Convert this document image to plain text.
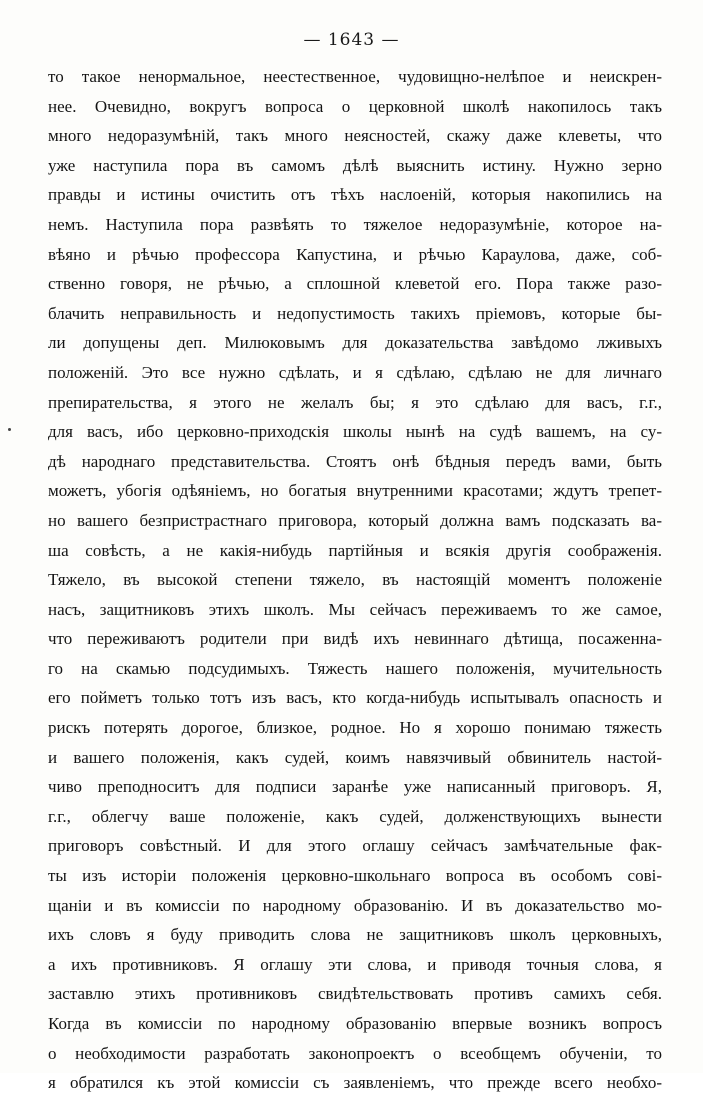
— 1643 —
то такое ненормальное, неестественное, чудовищно-нелѣпое и неискрен-
нее. Очевидно, вокругъ вопроса о церковной школѣ накопилось такъ
много недоразумѣній, такъ много неясностей, скажу даже клеветы, что
уже наступила пора въ самомъ дѣлѣ выяснить истину. Нужно зерно
правды и истины очистить отъ тѣхъ наслоеній, которыя накопились на
немъ. Наступила пора развѣять то тяжелое недоразумѣніе, которое на-
вѣяно и рѣчью профессора Капустина, и рѣчью Караулова, даже, соб-
ственно говоря, не рѣчью, а сплошной клеветой его. Пора также разо-
блачить неправильность и недопустимость такихъ пріемовъ, которые бы-
ли допущены деп. Милюковымъ для доказательства завѣдомо лживыхъ
положеній. Это все нужно сдѣлать, и я сдѣлаю, сдѣлаю не для личнаго
препирательства, я этого не желалъ бы; я это сдѣлаю для васъ, г.г.,
для васъ, ибо церковно-приходскія школы нынѣ на судѣ вашемъ, на су-
дѣ народнаго представительства. Стоятъ онѣ бѣдныя передъ вами, быть
можетъ, убогія одѣяніемъ, но богатыя внутренними красотами; ждутъ трепет-
но вашего безпристрастнаго приговора, который должна вамъ подсказать ва-
ша совѣсть, а не какія-нибудь партійныя и всякія другія соображенія.
Тяжело, въ высокой степени тяжело, въ настоящій моментъ положеніе
насъ, защитниковъ этихъ школъ. Мы сейчасъ переживаемъ то же самое,
что переживаютъ родители при видѣ ихъ невиннаго дѣтища, посаженна-
го на скамью подсудимыхъ. Тяжесть нашего положенія, мучительность
его пойметъ только тотъ изъ васъ, кто когда-нибудь испытывалъ опасность и
рискъ потерять дорогое, близкое, родное. Но я хорошо понимаю тяжесть
и вашего положенія, какъ судей, коимъ навязчивый обвинитель настой-
чиво преподноситъ для подписи заранѣе уже написанный приговоръ. Я,
г.г., облегчу ваше положеніе, какъ судей, долженствующихъ вынести
приговоръ совѣстный. И для этого оглашу сейчасъ замѣчательные фак-
ты изъ исторіи положенія церковно-школьнаго вопроса въ особомъ сові-
щаніи и въ комиссіи по народному образованію. И въ доказательство мо-
ихъ словъ я буду приводить слова не защитниковъ школъ церковныхъ,
а ихъ противниковъ. Я оглашу эти слова, и приводя точныя слова, я
заставлю этихъ противниковъ свидѣтельствовать противъ самихъ себя.
Когда въ комиссіи по народному образованію впервые возникъ вопросъ
о необходимости разработать законопроектъ о всеобщемъ обученіи, то
я обратился къ этой комиссіи съ заявленіемъ, что прежде всего необхо-
